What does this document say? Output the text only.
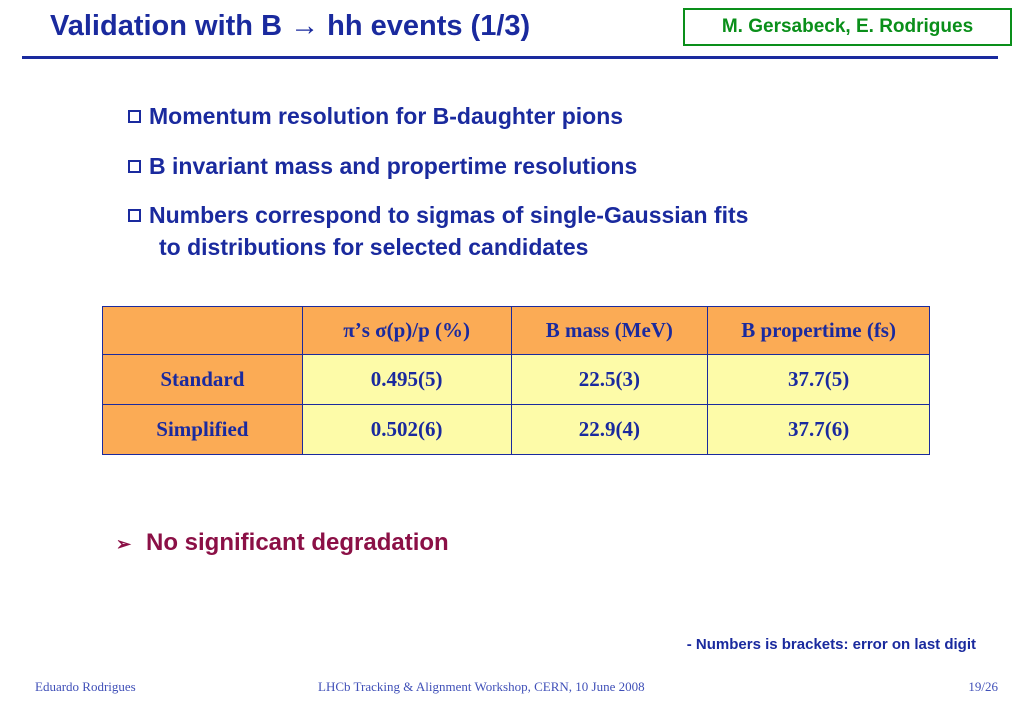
Validation with B → hh events (1/3)	M. Gersabeck, E. Rodrigues
Momentum resolution for B-daughter pions
B invariant mass and propertime resolutions
Numbers correspond to sigmas of single-Gaussian fits
to distributions for selected candidates
	π’s σ(p)/p (%)	B mass (MeV)	B propertime (fs)
Standard	0.495(5)	22.5(3)	37.7(5)
Simplified	0.502(6)	22.9(4)	37.7(6)
➢ No significant degradation
- Numbers is brackets: error on last digit
Eduardo Rodrigues	LHCb Tracking & Alignment Workshop, CERN, 10 June 2008	19/26
